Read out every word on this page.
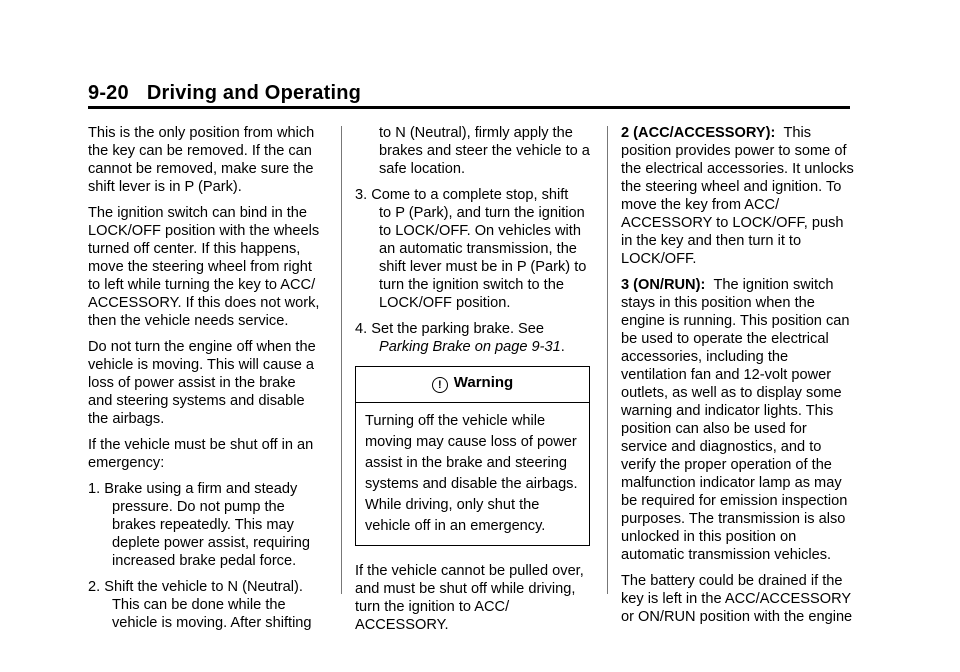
9-20 Driving and Operating

This is the only position from which
the key can be removed. If the can
cannot be removed, make sure the
shift lever is in P (Park).

The ignition switch can bind in the
LOCK/OFF position with the wheels
turned off center. If this happens,
move the steering wheel from right
to left while turning the key to ACC/
ACCESSORY. If this does not work,
then the vehicle needs service.

Do not turn the engine off when the
vehicle is moving. This will cause a
loss of power assist in the brake
and steering systems and disable
the airbags.

If the vehicle must be shut off in an
emergency:

1. Brake using a firm and steady
pressure. Do not pump the
brakes repeatedly. This may
deplete power assist, requiring
increased brake pedal force.

2. Shift the vehicle to N (Neutral).
This can be done while the
vehicle is moving. After shifting

to N (Neutral), firmly apply the
brakes and steer the vehicle to a
safe location.

3. Come to a complete stop, shift
to P (Park), and turn the ignition
to LOCK/OFF. On vehicles with
an automatic transmission, the
shift lever must be in P (Park) to
turn the ignition switch to the
LOCK/OFF position.

4. Set the parking brake. See
Parking Brake on page 9-31.

! Warning
Turning off the vehicle while
moving may cause loss of power
assist in the brake and steering
systems and disable the airbags.
While driving, only shut the
vehicle off in an emergency.

If the vehicle cannot be pulled over,
and must be shut off while driving,
turn the ignition to ACC/
ACCESSORY.

2 (ACC/ACCESSORY): This
position provides power to some of
the electrical accessories. It unlocks
the steering wheel and ignition. To
move the key from ACC/
ACCESSORY to LOCK/OFF, push
in the key and then turn it to
LOCK/OFF.

3 (ON/RUN): The ignition switch
stays in this position when the
engine is running. This position can
be used to operate the electrical
accessories, including the
ventilation fan and 12-volt power
outlets, as well as to display some
warning and indicator lights. This
position can also be used for
service and diagnostics, and to
verify the proper operation of the
malfunction indicator lamp as may
be required for emission inspection
purposes. The transmission is also
unlocked in this position on
automatic transmission vehicles.

The battery could be drained if the
key is left in the ACC/ACCESSORY
or ON/RUN position with the engine
